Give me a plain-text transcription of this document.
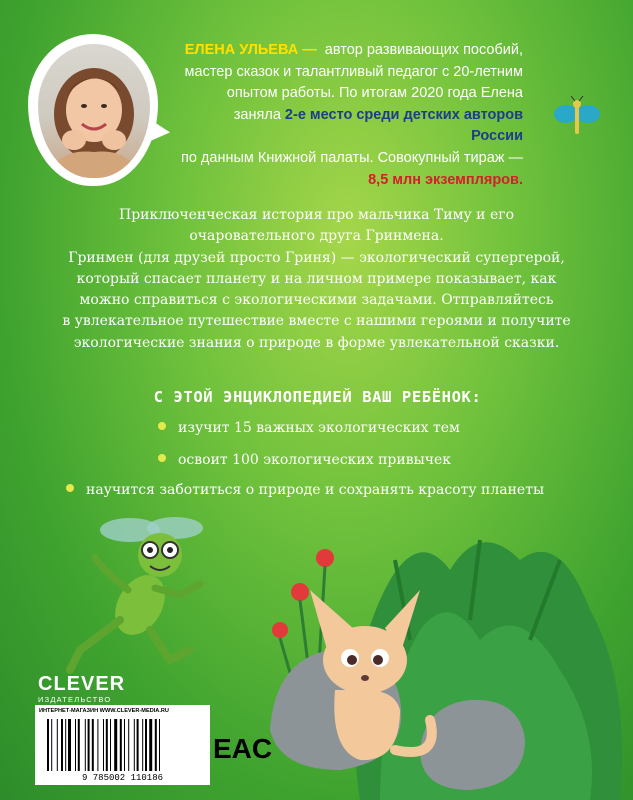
ЕЛЕНА УЛЬЕВА — автор развивающих пособий,
мастер сказок и талантливый педагог с 20-летним
опытом работы. По итогам 2020 года Елена
заняла 2-е место среди детских авторов России
по данным Книжной палаты. Совокупный тираж —
8,5 млн экземпляров.

Приключенческая история про мальчика Тиму и его

очаровательного друга Гринмена.

Гринмен (для друзей просто Гриня) — экологический супергерой,

который спасает планету и на личном примере показывает, как

можно справиться с экологическими задачами. Отправляйтесь

в увлекательное путешествие вместе с нашими героями и получите

экологические знания о природе в форме увлекательной сказки.

С ЭТОЙ ЭНЦИКЛОПЕДИЕЙ ВАШ РЕБЁНОК:
изучит 15 важных экологических тем
освоит 100 экологических привычек
научится заботиться о природе и сохранять красоту планеты
CLEVER
ИЗДАТЕЛЬСТВО
ИНТЕРНЕТ-МАГАЗИН WWW.CLEVER-MEDIA.RU
9 785002 110186
EAC
